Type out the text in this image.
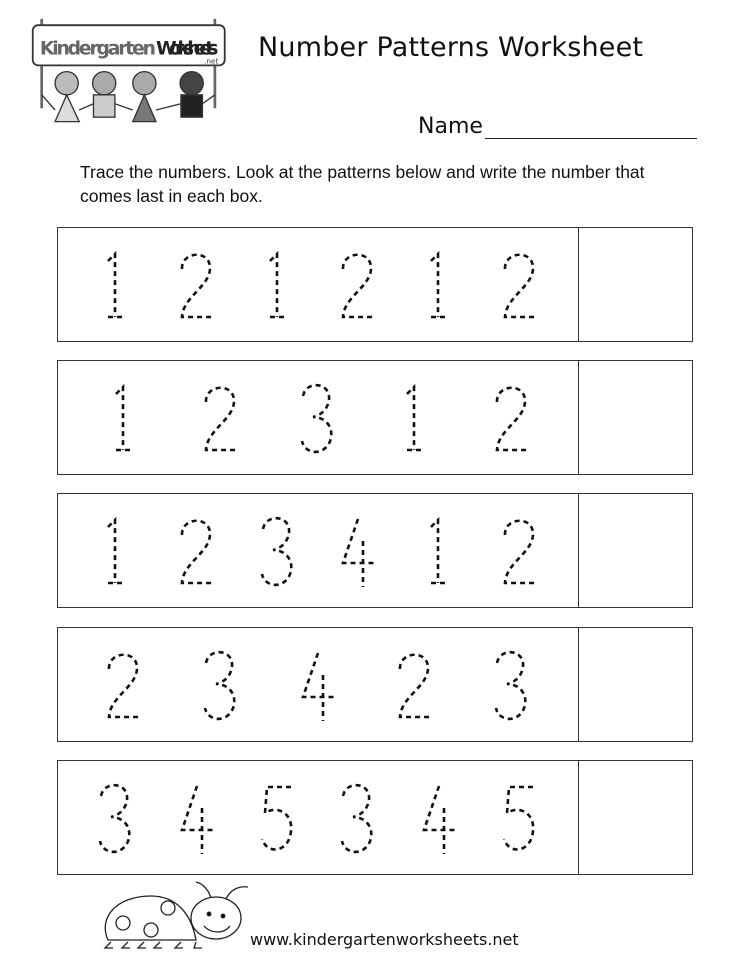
Kindergarten Worksheets
.net Number Patterns Worksheet
Name
Trace the numbers. Look at the patterns below and write the number that comes last in each box.
www.kindergartenworksheets.net
